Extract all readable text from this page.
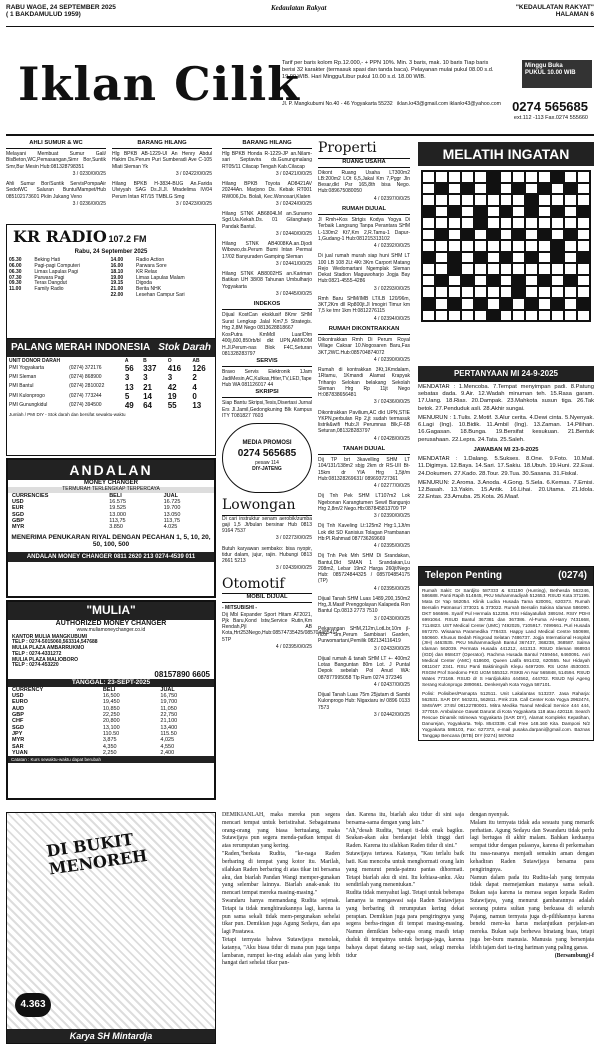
RABU WAGE, 24 SEPTEMBER 2025
( 1 BAKDAMULUD 1959)
Kedaulatan Rakyat	"KEDAULATAN RAKYAT"
HALAMAN 6
Iklan Cilik
Tarif per baris kolom Rp.12.000,- + PPN 10%. Min. 3 baris, mak. 10 baris Tiap baris berisi 32 karakter (termasuk spasi dan tanda baca). Pelayanan mulai pukul 08.00 s.d. 19.00 WIB. Hari Minggu/Libur pukul 10.00 s.d. 18.00 WIB.
Minggu Buka
PUKUL 10.00 WIB
Jl. P. Mangkubumi No.40 - 46 Yogyakarta 55232 iklan.kr43@gmail.com iklankr43@yahoo.com 0274 565685
ext.112 -113 Fax.0274 555660
AHLI SUMUR & WC

Melayani Membuat Sumur Gali/ BisBeton,WC,Pemasangan,Simr Bor,Suntik Smr,Bur Mesin Hub:081328798351

3 / 0230/0/0/25

Ahli Sumur Bor/Suntik ServisPompaAir SedotWC Saluran Buntu/Mampet/Hub 085102173601 Pkiin Jukang Veno

3 / 0236/0/0/25
BARANG HILANG

Hlg BPKB AB-1229-UI An Henry Abdul Hakim Ds.Perum Puri Sumberadi Ave C-105 Mlati Sleman Yk

3 / 02422/0/0/25

Hilang BPKB H-3834-BUG An.Farida Ulviyyah SAG Ds.Jl.Jl. Mradelima IV/04 Perum Intan RT/15 TMBLG Smg

3 / 02423/0/0/25
BARANG HILANG

Hlg BPKB Honda R-1229-JP an.Nilam-sari Septavira ds.Gunungmalang RT05/11 Cilacap Tengah Kab.Cilacap

3 / 02421/0/0/25

Hilang BPKB Toyota AD8421AV 20244An. Marjono Ds. Kebak RT001 RW006,Ds. Bolali, Kec.Wonosari,Klaten

3 / 02424/0/0/25

Hilang STNK AB6804LM an.Sunarno Sgd.Ua.Kekah.Ds. 01 Gilangharjo Pandak Bantul.

3 / 02440/0/0/25

Hilang STNK AB4008KA.an.Djodi Wibowo,ds.Perum Bumi Intan Permai 17/02 Banyuraden Gamping Sleman

3 / 02441/0/0/25

Hilang STNK AB8002HS an.Kariman Batikan UH 38/08 Tahunan Umbulharjo Yogyakarta

3 / 02445/0/0/25
INDEKOS

Dijual KostCan eksklusif 8Kmr SHM Surat Lengkap Jalal Km7,5 Strategis. Hrg 2,8M Nego 0813628818667

KosPutra KmMdl Luar/Dlm 400j,600,850rb/bl dkt UPN,AMIKOM H.Jl.Perum-nas Blok F4C,Seturan 081328283797

SERVIS

Bravo Servis Elektronik 1Jam JadiMesin,AC,Kulkas,Hiter,TV,LED,Tape Hub WA 081126017 44

SKRIPSI

Siap Bantu Skripsi,Tesis,Disertasi Jurnal Ers Jl.Jamil,Gedongkuning Blk Kampus ITY T081827 7603

MEDIA PROMOSI
0274 565685
pesaw 114
DIY-JATENG
Lowongan

Di cari instruktur senam aerobik/zumba gaji 1,5 Jt/bulan bersinar Hub 0813 9164 7537

3 / 02273/0/0/25

Butuh karyawan sembako: bisa nyopir, tidur dalam, jujur, rajin. Hubungi 0813 2661 5213

3 / 02439/0/0/25
Otomotif
MOBIL DIJUAL
- MITSUBISHI -

Dij Mbl Expander Sport Hitam AT2021, Pjk Baru,Kond Istw,Service Rutin,Km Rendah,Pjl AB Kota,Hrt253Nego,Hub:08574735425/085704485417 5TP

4 / 02395/0/0/25
KR RADIO 107.2 FM
Rabu, 24 September 2025
05.30	Beking Hati	14.00	Radio Action
06.00	Pagi-pagi Computeri	16.00	Parwara Sore
06.30	Limas Lapulas Pagi	18.10	KR Relax
07.30	Parwara Pagi	19.00	Limas Lapulas Malam
09.30	Teras Dangdut	19.15	Digoda
11.00	Family Radio	21.00	Berita NHK
		22.00	Lesehan Campur Sari
PALANG MERAH INDONESIA Stok Darah
UNIT DONOR DARAH		A	B	O	AB
PMI Yogyakarta	(0274) 372176	56	337	416	126
PMI Sleman	(0274) 868900	3	3	3	2
PMI Bantul	(0274) 2810022	13	21	42	4
PMI Kulonprogo	(0274) 773244	5	14	19	0
PMI Gunungkidul	(0274) 394500	49	64	55	13
Jumlah / PMI DIY - Stok darah dan bersifat sewaktu-waktu
ANDALAN
MONEY CHANGER
TERMURAH TERLENGKAP TERPERCAYA
CURRENCIES	BELI	JUAL
USD	16.575	16.725
EUR	19.525	19.700
SGD	13.000	13.050
GBP	113,75	113,75
MYR	3.850	4.025
MENERIMA PENUKARAN RIYAL DENGAN PECAHAN 1, 5, 10, 20, 50, 100, 500
ANDALAN MONEY CHANGER 0811 2620 213 0274-4539 011
"MULIA"
AUTHORIZED MONEY CHANGER
www.muliamoneychanger.co.id
KANTOR MULIA MANGKUBUMI
TELP : 0274-5015060,563314,547688
MULIA PLAZA AMBARRUKMO
TELP : 0274-4331272
MULIA PLAZA MALIOBORO
TELP : 0274-453220
08157890 6605
TANGGAL: 23-SEPT-2025
CURRENCY	BELI	JUAL
USD	16,500	16,750
EURO	19,450	19,700
AUD	10,850	11,050
GBP	22,250	22,750
CHF	20,800	21,100
SGD	13,100	13,400
JPY	110.50	115.50
MYR	3,875	4,025
SAR	4,350	4,550
YUAN	2,250	2,400
Catatan : Kurs sewaktu-waktu dapat berubah
Properti
RUANG USAHA

Dikont Ruang Usaha LT300m2 LB:200m2 LOt 6,5,Jakal Km 7,Pggr Jln Besar,dkt Psr 165,8th bisa Nego. Hub:089675080050

4 / 02397/0/0/25
RUMAH DIJUAL

Jl Rmh+Kos Strtgis Kodya Yogya Di Terbaik Langsung Tanpa Perantara SHM L-130m2 Kt7,Km 2,R.Tamu-1 Dapur-1,Gudang-1 Hub:081215313102

4 / 02392/0/0/25

Di jual rumah murah siap huni SHM LT 100 LB 108 2Lt 4Kt 3Km Carport Matang Rejo Wedomartani Ngemplak Sleman Dekat Stadion Maguwoharjo Jogja Bay Hub:0821-4555-4286

3 / 02293/0/0/25

Rmh Baru SHM/IMB LT/LB 120/96m, 3KT,2Km dll Rp800jt.Jl Imogiri Timur km 7,5 ke tmr 1km H:0812276115

4 / 02394/0/0/25
RUMAH DIKONTRAKKAN

Dikontrakkan Rmh Di Perum Royal Village Caksar 10.Nogosaren Baru,Fas 3KT,2WC.Hub:085704874072

4 / 02390/0/0/25

Rumah di kontrakkan 3Kt,1Kmdalam, 1Rtamu, 1Kmandi Alamat Krapyak Trihanjo Selokan belakang Sekolah Sleman Hrg Rp 11jt Nego H:087838656481

3 / 02436/0/0/25

Dikontrakkan Pavilium,AC dkt UPN,STIE YKPN,perbulan Rp 2,jt sudah termasuk listrik&wifi Hub:Jl Perumnas Blk,F-6B Seturan,081328283797

4 / 02428/0/0/25
TANAH DIJUAL

Dij TP brt 3kavelling SHM LT 104/131/138m2 sbjg 2km dr RS-UII Bt-15km dr YIA Hrg 1,5jt/m Hub:081328269631/ 089693727361

4 / 02277/0/0/25

Dij Tnh Pek SHM LT107m2 Lok Ngebonan Karangtumen Sewil Bangunjo Hrg 2,8m/2 Nego.Hb:087845813709 TP

3 / 02390/0/0/25

Dij Tnh Kaveling Lt:125m2 Hrg:1,1Jt/m Lok dkt SD Kanisius Tolagan Prambanan Hb:Pl.Rahmad 087736269669

4 / 02395/0/0/25

Dij Tnh Pek Mrh SHM Di Srandakan, Bantul,Dkt SMAN 1 Srandakan,Lu 208m2, Lebar 19m2 Harga 260jt/Nego Hub: 085724844325 / 085704854175 (TP)

4 / 02395/0/0/25

Dijual Tanah SHM Luas 1489,200,150m2 Hrg,Jl.Masif Prenggolayan Kalapeda Ron Bantul Cp.0813 2773 7510

3 / 02430/0/0/25

Pekarangan SHM,212m,LotLbr,10m jl-ncor Sm,Perum Sambisari Garden, Purwomartani,Pemilik 082134116419

3 / 02433/0/0/25

Dijual rumah & tanah SHM LT +- 400m2 Lotas Banguntan 80m Lot. J Puntal Depok sebelah Pol Anud WA: 087877995058 Tlp Rum 0274 372346

4 / 02437/0/0/25

Dijual Tanah Luas 75m 25jutam di Sambi Kulonprogo Hub: Nigaxiaru in/ 0896 0133 7573

3 / 02442/0/0/25
MELATIH INGATAN
PERTANYAAN MI 24-9-2025

MENDATAR : 1.Mencoba. 7.Tempat menyimpan padi. 8.Patung sebatas dada. 9.Air. 12.Wadah minuman teh. 15.Rasa garam. 17.Uang. 18.Rias. 20.Dampak. 23.Mahkota susun tiga. 26.Tak betok. 27.Penduduk asli. 28.Akhir sungai.

MENURUN : 1.Tulis. 2.Motif. 3.Alur cerita. 4.Dewi cinta. 5.Nyenyak. 6.Lagi (Ing). 10.Bidik. 11.Ambil (Ing). 13.Zaman. 14.Pilihan. 16.Gagasan. 18.Bunga. 19.Bersifat kesukuan. 21.Bentuk perusahaan. 22.Lepra. 24.Tata. 25.Saleh.

JAWABAN MI 23-9-2025

MENDATAR : 1.Dalang. 5.Sukses. 8.One. 9.Foto. 10.Mail. 11.Digimya. 12.Baya. 14.Sari. 17.Sakiu. 18.Ubuh. 19.Huni. 22.Esai. 24.Dokumen. 27.Kado. 28.Tour. 29.Tua. 30.Sasana. 31.Fiskal.

MENURUN: 2.Aroma. 3.Anoda. 4.Gong. 5.Sela. 6.Kemas. 7.Emisi. 12.Basah. 13.Yakin. 15.Antik. 16.Lihai. 20.Utama. 21.Idola. 22.Entas. 23.Amuba. 25.Kota. 26.Maaf.

Telepon Penting	(0274)

Rumah Sakit: Dr Sardjito 587333 & 631190 (Hunting), Bethesda 562246, 586688. Panti Rapih 514845, PKU Muhammadiyah 512653. RSUD Kota 371195. Mata Dr Yap 562054. Klinik Ludira Husada Tama 620091, 620373. Rumah Bersalin Patmasuri 373021 & 373022. Rumah Bersalin Sakina Idaman 586090. DKT 566596. Syarif Pul Hermala 512255. RSI Hidayatullah 389194. RSIY PDHI 6991064. RSUD Bantul 367381 dan 367386. Al-Fuma Al-Harry 7431668, 7114823. UST Medical Center (UMC) 7492025, 7105917. 7499661. Puri Husada 867270. Wisaama Paramedika 778433. Happy Land Medical Centre 550698, 550660. Khusus Bedah Ringroad Selatan 7486737. Jogja International Hospital (JIH) 4463535. PKU Muhammadiyah Bantul 367437, 368238, 368587. Salma Idaman 562039. Permata Husada 441212, 441313. RSUD Sleman 868934 (IGD) dan 868437 (Operator). Rachma Husada Bantul 7459464, 6460091. Asri Medical Center (AMC) 618600, Queen Latifa 691432, 620555. Nur Hidayah 0811047 2341. RSU Panti Baktiningsih Klepu 6497209. RS UGM 4530303. RSGM Prof Soedomo FKG UGM 555312. RSKB An Nur 565848, 514594. RSUD Wates 773169. RSUD dr S Hardjolukito 444562, 444702. RSUD Nyi Ageng Serang Kulonprogo 2890661. Denkesyah Kota Yogya 587101.

Polisi: Polisibes/Pamapta 512511. Unit Lakalantas 513237. Jasa Raharja: 562531. SAR DIY: 563231, 562811. Pmk 219. Call Center Kota Yogya 2962474, SMS/WP: 2745/ 08122780001. Mitra Medika Toanul Medical Service 444 444, 377019. Ambulance Gawat Darurat di Kota Yogyakarta 118 atau 420118. Search Rescue Dinamik Istimewa Yogyakarta (SAR DIY), Alamat Kompleks Kepatihan, Danurejan, Yogyakarta. Telp. 8543339. Call Free 148.160 Kita. Damponi N/2 Yogyakarta 586103, Fax: 627373, e-mail pusaka.darpani@gmail.com. Baznas Tanggap Bencana (BTB) DIY (0274) 587062

DI BUKIT MENOREH
4.363
Karya SH Mintardja

DEMIKIANLAH, maka mereka pun segera mencari tempat untuk beristirahat. Sebagaimana orang-orang yang biasa bertualang, maka Sutawijaya pun segera menda-patkan tempat di atas rerumputan yang kering.

"Raden,"berkata Rudita, "ke-naga Raden berbaring di tempat yang kotor itu. Marilah, silahkan Raden berbaring di atas tikar ini bersama aku, dan biarlah Pandan Wangi memper-gunakan yang selembar lainnya. Biarlah anak-anak itu mencari tempat mereka masing-masing."

Swandaru hanya memandang Rudita sejenak. Tetapi ia tidak menghiraukannya lagi, karena ia pun sama sekali tidak mem-pergunakan sehelai tikar pun. Demikian juga Agung Sedayu, dan apa lagi Prastawa.

Tetapi ternyata bahwa Sutawijaya menolak, katanya, "Aku biasa tidur di mana pun juga tanpa lambaran, rumput ke-ring adalah alas yang lebih hangat dari sehelai tikar pan-

dan. Karena itu, biarlah aku tidur di sini saja bersama-sama dengan yang lain."

"Ah,"desah Rudita, "tetapi ti-dak enak bagiku. Seakan-akan aku berdarajat lebih tinggi dari Raden. Karena itu silahkan Raden tidur di sini."

Sutawijaya tertawa. Katanya, "Kau terlalu baik hati. Kau mencoba untuk menghormati orang lain yang menurut penda-patmu pantas dihormati. Tetapi biarlah aku di sini. Itu kebiasa-anku. Aku sendirilah yang menentukan."

Rudita tidak menyahut lagi. Tetapi untuk beberapa lamanya ia mengawasi saja Raden Sutawijaya yang berbaring di rerumputan kering dekat perapian. Demikian juga para pengiringnya yang segera berba-ringan di tempat masing-masing. Namun demikian bebe-rapa orang masih tetap duduk di tempatnya untuk berjaga-jaga, karena bahaya dapat datang se-tiap saat, selagi mereka tidur

dengan nyenyak.

Malam itu ternyata tidak ada sesuatu yang menarik perhatian. Agung Sedayu dan Swandaru tidak perlu lagi bertugas di akhir malam. Bahkan keduanya sempat tidur dengan pulasnya, karena di perkemahan itu rasa-rasanya menjadi semakin aman dengan kehadiran Raden Sutawijaya bersama para pengiringnya.

Namun dalam pada itu Rudita-lah yang ternyata tidak dapat memejamkan matanya sama sekali. Bukan saja karena ia merasa segan kepada Raden Sutawijaya, yang menurut gambarannya adalah seorang putera sultan yang berkuasa di seluruh Pajang, namun ternyata juga di-pilihkannya karena beneki mere-ka harus melanjutkan perjalan-an mereka. Bukan saja berhewa binatang buas, tetapi juga ber-buru manusia. Manusia yang bersenjata lebih tajam dari ta-ring hariman yang paling ganas.

(Bersambung)-f
